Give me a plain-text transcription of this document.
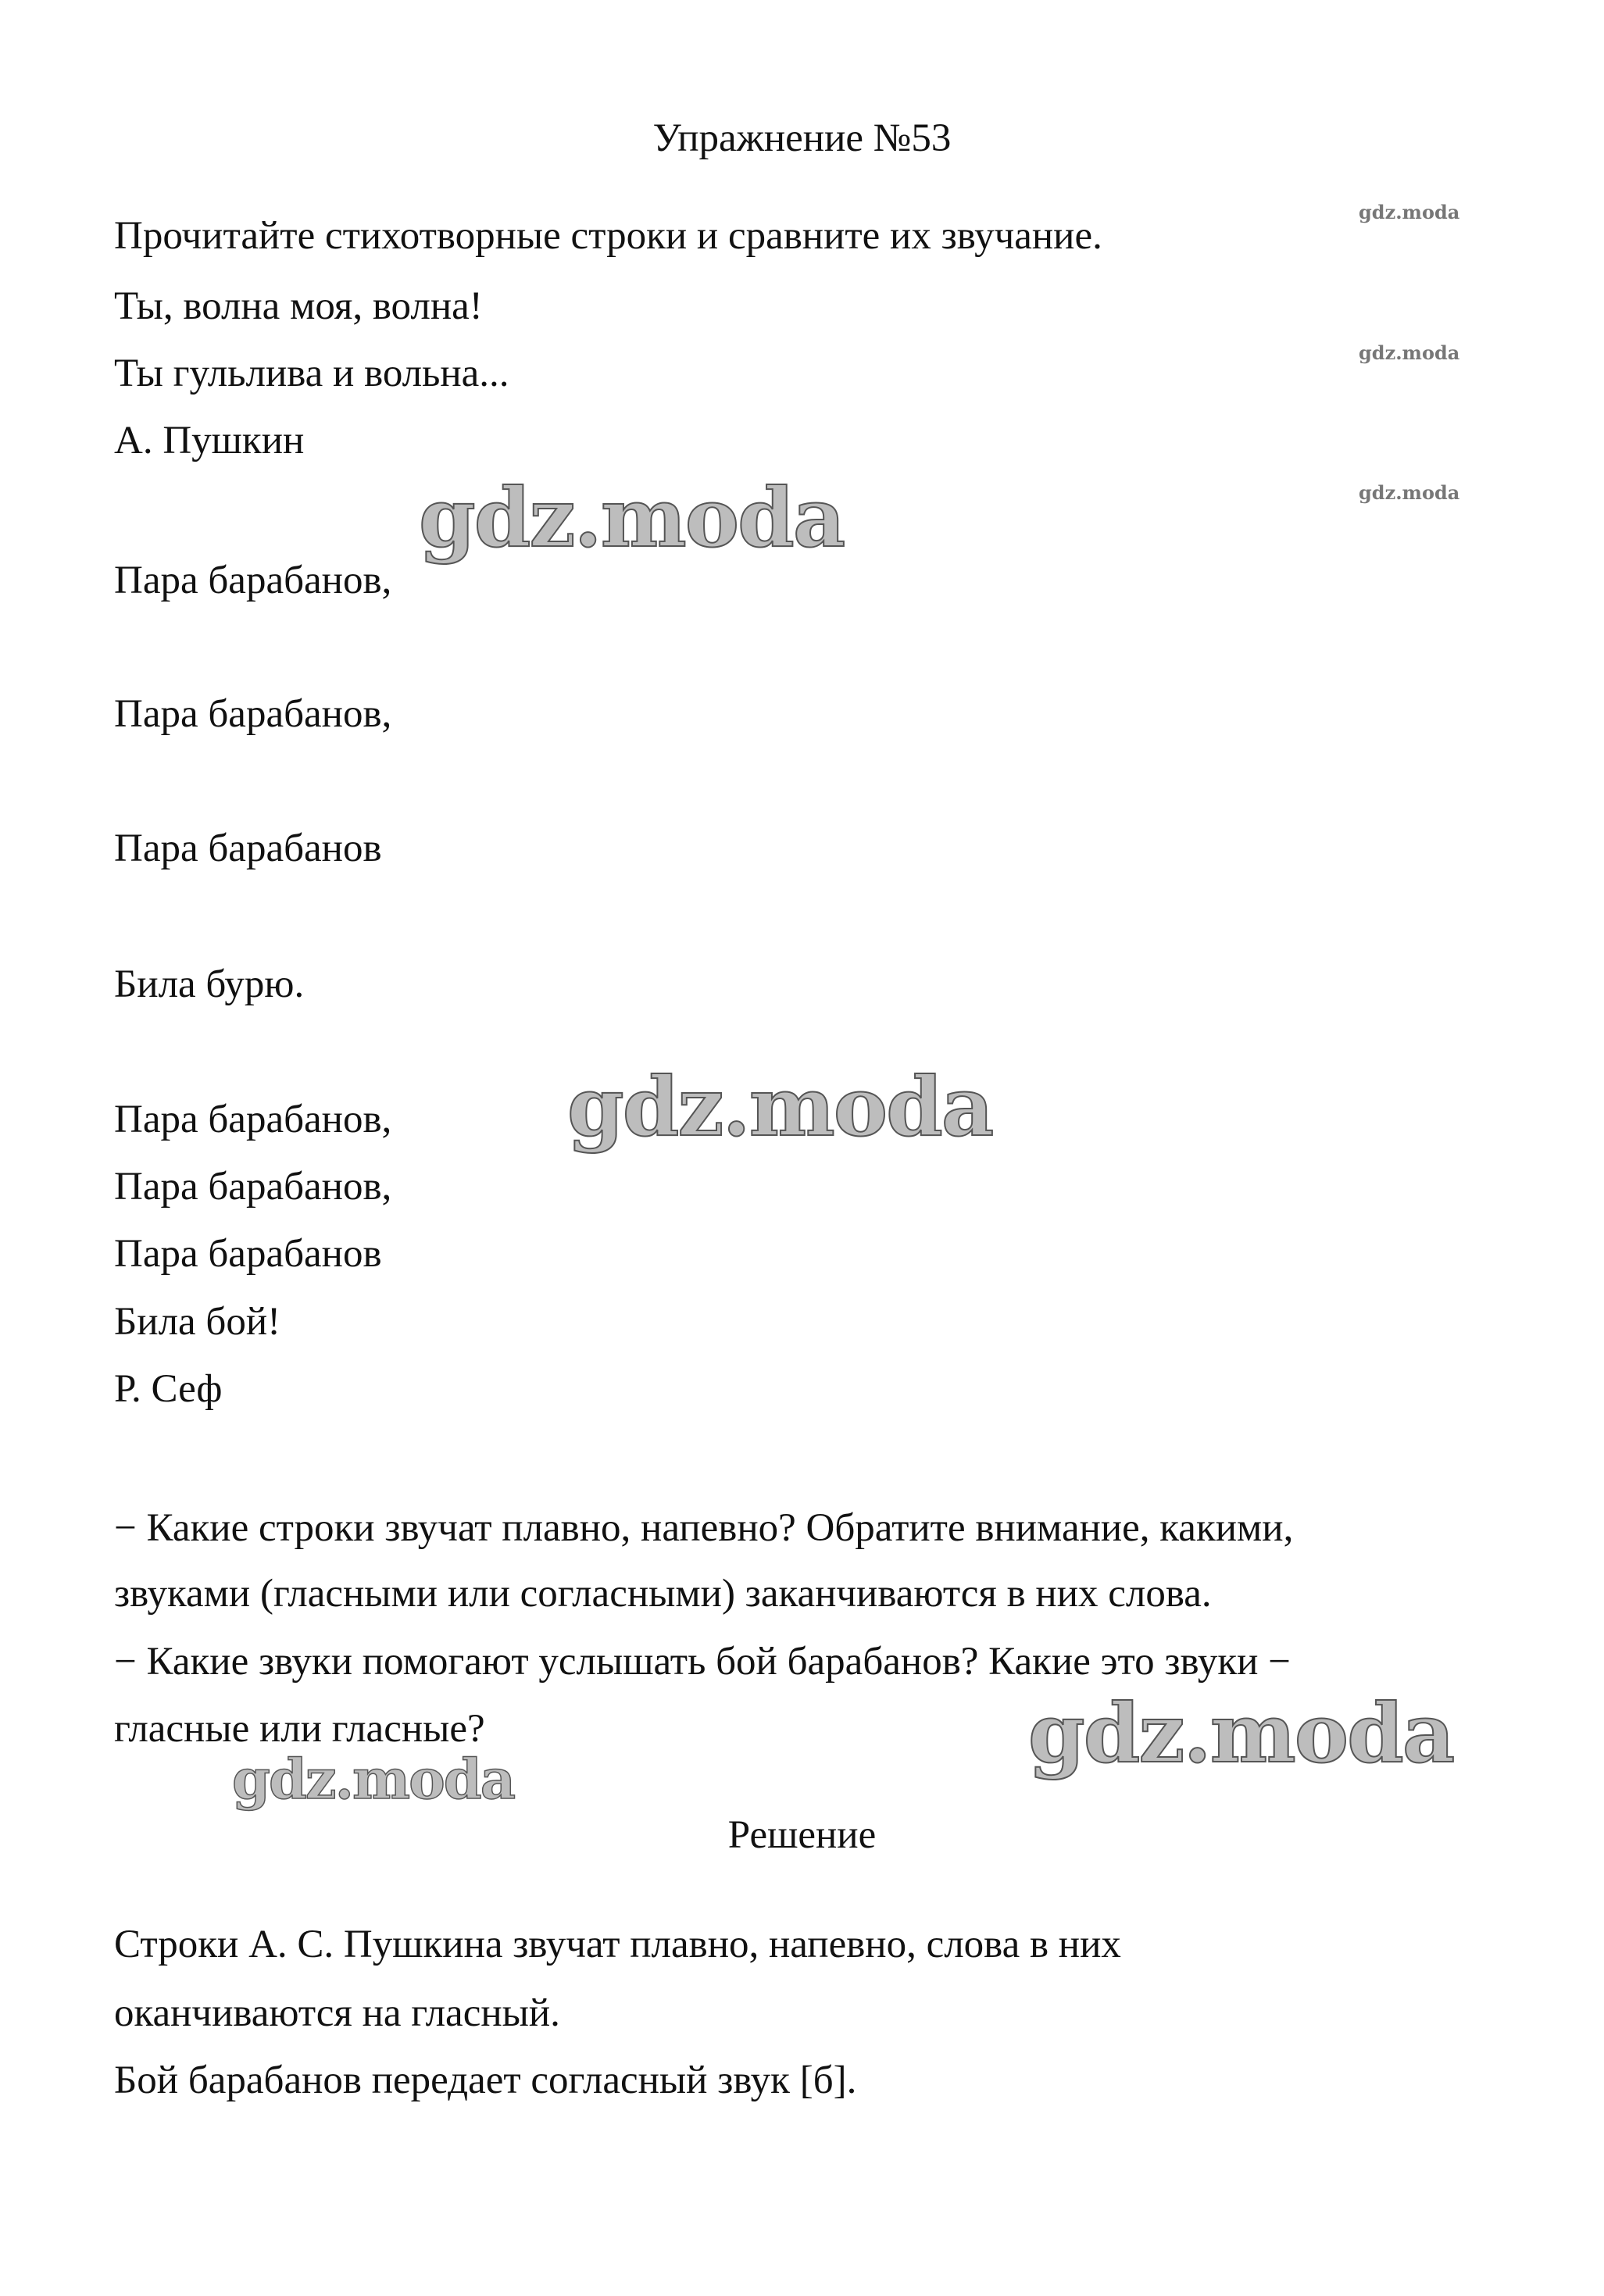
Упражнение №53
Прочитайте стихотворные строки и сравните их звучание.
Ты, волна моя, волна!
Ты гульлива и вольна...
А. Пушкин
Пара барабанов,
Пара барабанов,
Пара барабанов
Била бурю.
Пара барабанов,
Пара барабанов,
Пара барабанов
Била бой!
Р. Сеф
− Какие строки звучат плавно, напевно? Обратите внимание, какими,
звуками (гласными или согласными) заканчиваются в них слова.
− Какие звуки помогают услышать бой барабанов? Какие это звуки −
гласные или гласные?
Решение
Строки А. С. Пушкина звучат плавно, напевно, слова в них
оканчиваются на гласный.
Бой барабанов передает согласный звук [б].
gdz.moda
gdz.moda
gdz.moda
gdz.moda
gdz.moda
gdz.moda
gdz.moda
